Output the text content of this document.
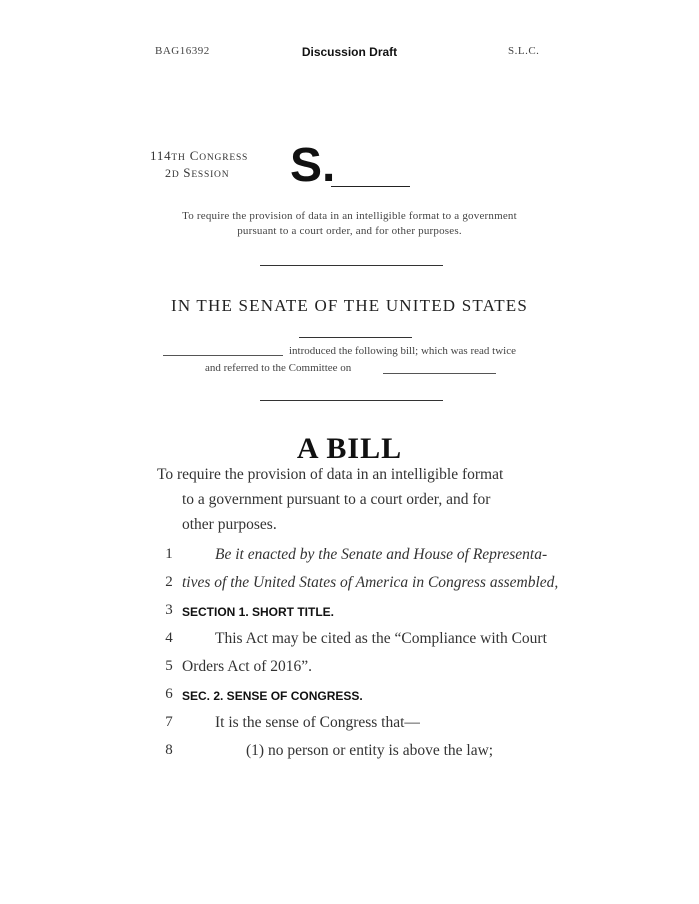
BAG16392	Discussion Draft	S.L.C.
114TH CONGRESS
2D SESSION S.
To require the provision of data in an intelligible format to a government
pursuant to a court order, and for other purposes.
IN THE SENATE OF THE UNITED STATES
introduced the following bill; which was read twice
and referred to the Committee on
A BILL
To require the provision of data in an intelligible format
to a government pursuant to a court order, and for
other purposes.
1	Be it enacted by the Senate and House of Representa-
2 tives of the United States of America in Congress assembled,
3 SECTION 1. SHORT TITLE.
4	This Act may be cited as the “Compliance with Court
5 Orders Act of 2016”.
6 SEC. 2. SENSE OF CONGRESS.
7	It is the sense of Congress that—
8	(1) no person or entity is above the law;
